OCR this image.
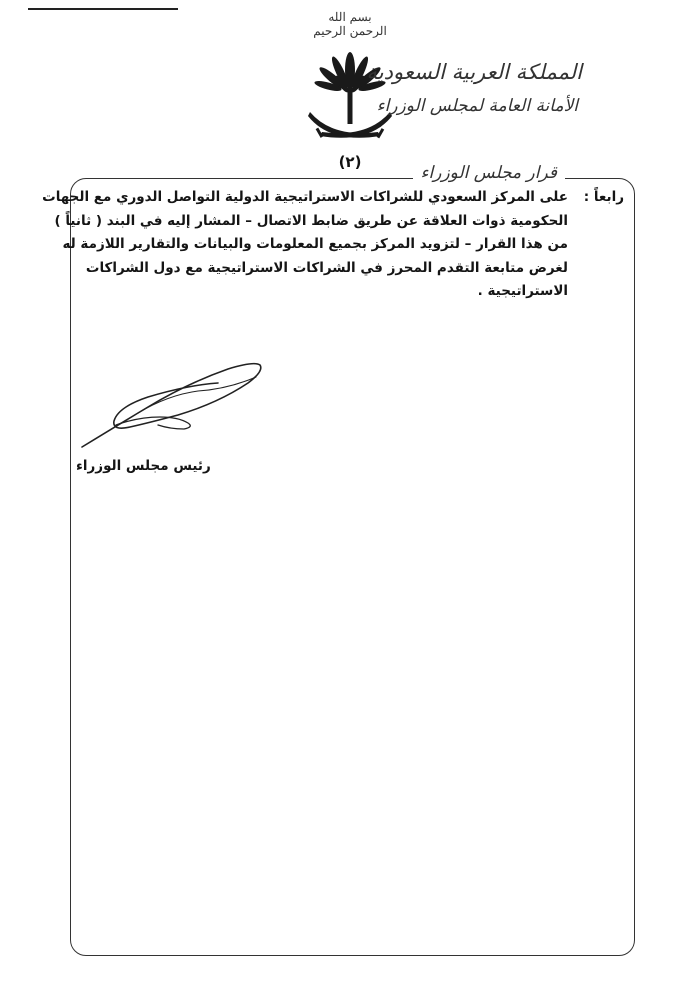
بسم الله الرحمن الرحيم
المملكة العربية السعودية
الأمانة العامة لمجلس الوزراء
(٢)
قرار مجلس الوزراء
رابعاً :
على المركز السعودي للشراكات الاستراتيجية الدولية التواصل الدوري مع الجهات
الحكومية ذوات العلاقة عن طريق ضابط الاتصال – المشار إليه في البند ( ثانياً )
من هذا القرار – لتزويد المركز بجميع المعلومات والبيانات والتقارير اللازمة له
لغرض متابعة التقدم المحرز في الشراكات الاستراتيجية مع دول الشراكات
الاستراتيجية .
رئيس مجلس الوزراء
